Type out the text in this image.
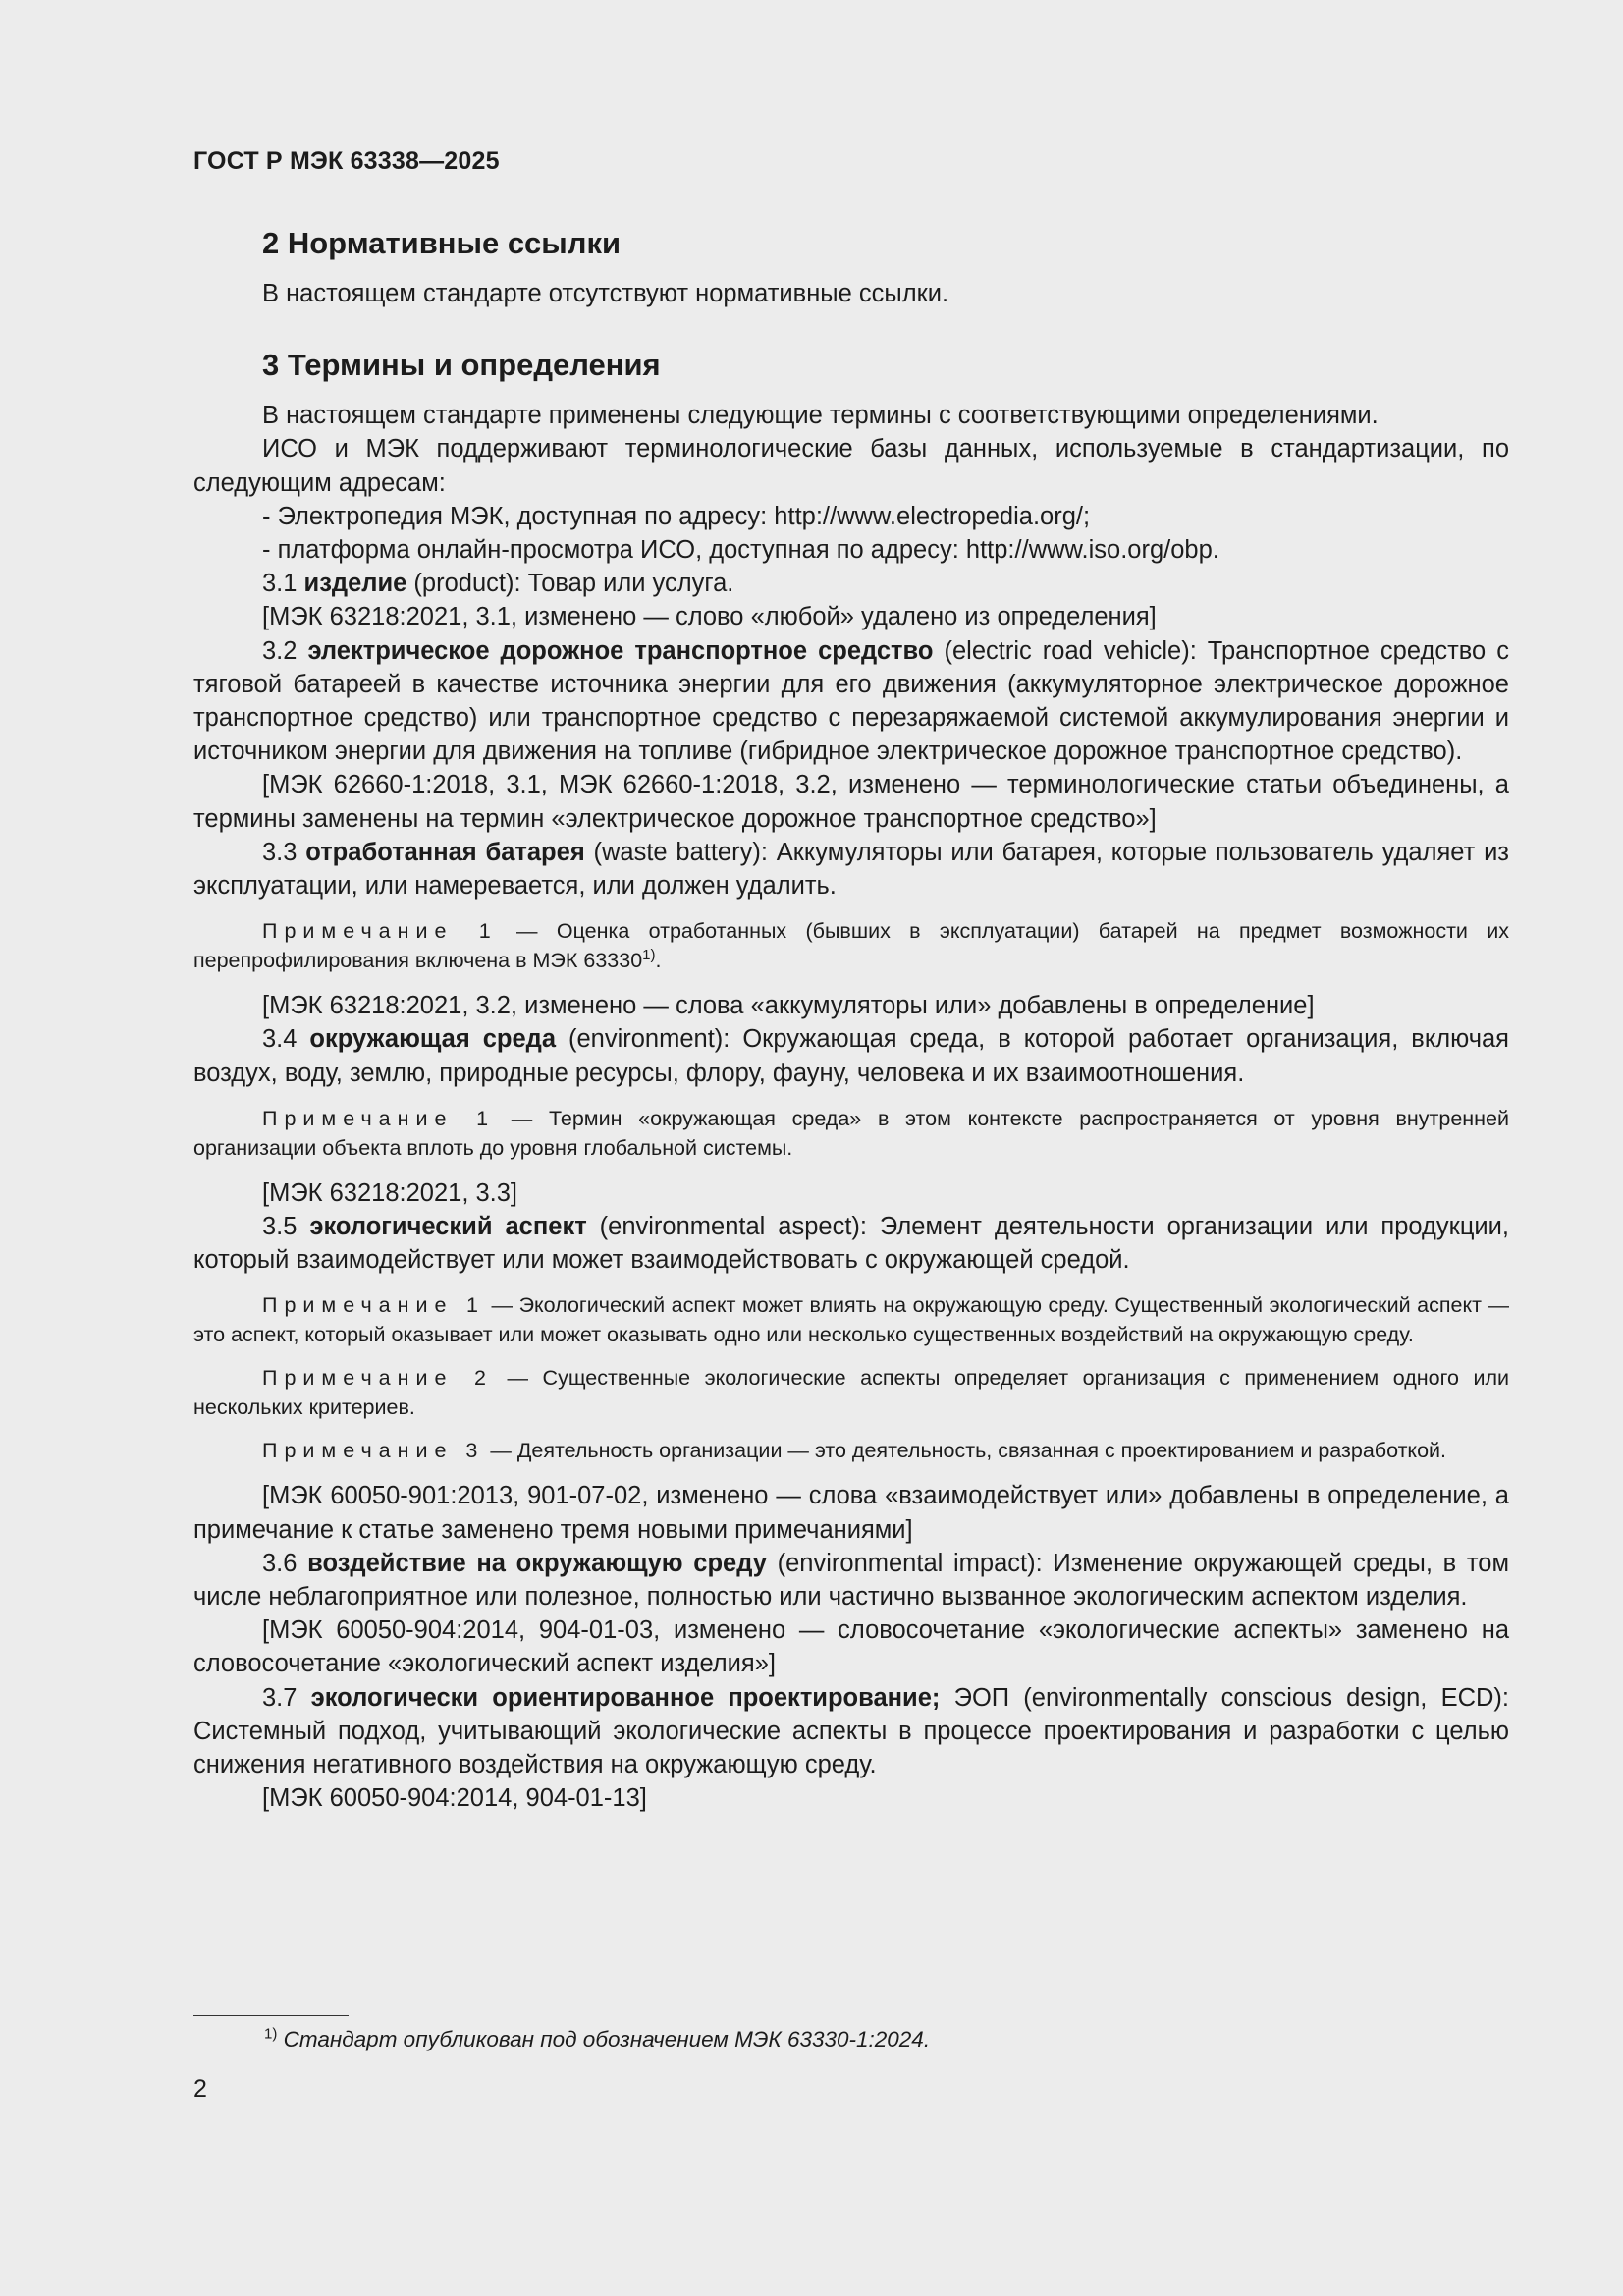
ГОСТ Р МЭК 63338—2025
2 Нормативные ссылки

В настоящем стандарте отсутствуют нормативные ссылки.

3 Термины и определения

В настоящем стандарте применены следующие термины с соответствующими определениями.

ИСО и МЭК поддерживают терминологические базы данных, используемые в стандартизации, по следующим адресам:

- Электропедия МЭК, доступная по адресу: http://www.electropedia.org/;

- платформа онлайн-просмотра ИСО, доступная по адресу: http://www.iso.org/obp.

3.1 изделие (product): Товар или услуга.

[МЭК 63218:2021, 3.1, изменено — слово «любой» удалено из определения]

3.2 электрическое дорожное транспортное средство (electric road vehicle): Транспортное средство с тяговой батареей в качестве источника энергии для его движения (аккумуляторное электрическое дорожное транспортное средство) или транспортное средство с перезаряжаемой системой аккумулирования энергии и источником энергии для движения на топливе (гибридное электрическое дорожное транспортное средство).

[МЭК 62660-1:2018, 3.1, МЭК 62660-1:2018, 3.2, изменено — терминологические статьи объединены, а термины заменены на термин «электрическое дорожное транспортное средство»]

3.3 отработанная батарея (waste battery): Аккумуляторы или батарея, которые пользователь удаляет из эксплуатации, или намеревается, или должен удалить.

Примечание 1 — Оценка отработанных (бывших в эксплуатации) батарей на предмет возможности их перепрофилирования включена в МЭК 63330$^{1)}$.

[МЭК 63218:2021, 3.2, изменено — слова «аккумуляторы или» добавлены в определение]

3.4 окружающая среда (environment): Окружающая среда, в которой работает организация, включая воздух, воду, землю, природные ресурсы, флору, фауну, человека и их взаимоотношения.

Примечание 1 — Термин «окружающая среда» в этом контексте распространяется от уровня внутренней организации объекта вплоть до уровня глобальной системы.

[МЭК 63218:2021, 3.3]

3.5 экологический аспект (environmental aspect): Элемент деятельности организации или продукции, который взаимодействует или может взаимодействовать с окружающей средой.

Примечание 1 — Экологический аспект может влиять на окружающую среду. Существенный экологический аспект — это аспект, который оказывает или может оказывать одно или несколько существенных воздействий на окружающую среду.
Примечание 2 — Существенные экологические аспекты определяет организация с применением одного или нескольких критериев.
Примечание 3 — Деятельность организации — это деятельность, связанная с проектированием и разработкой.

[МЭК 60050-901:2013, 901-07-02, изменено — слова «взаимодействует или» добавлены в определение, а примечание к статье заменено тремя новыми примечаниями]

3.6 воздействие на окружающую среду (environmental impact): Изменение окружающей среды, в том числе неблагоприятное или полезное, полностью или частично вызванное экологическим аспектом изделия.

[МЭК 60050-904:2014, 904-01-03, изменено — словосочетание «экологические аспекты» заменено на словосочетание «экологический аспект изделия»]

3.7 экологически ориентированное проектирование; ЭОП (environmentally conscious design, ECD): Системный подход, учитывающий экологические аспекты в процессе проектирования и разработки с целью снижения негативного воздействия на окружающую среду.

[МЭК 60050-904:2014, 904-01-13]

$^{1)}$ Стандарт опубликован под обозначением МЭК 63330-1:2024.
2
